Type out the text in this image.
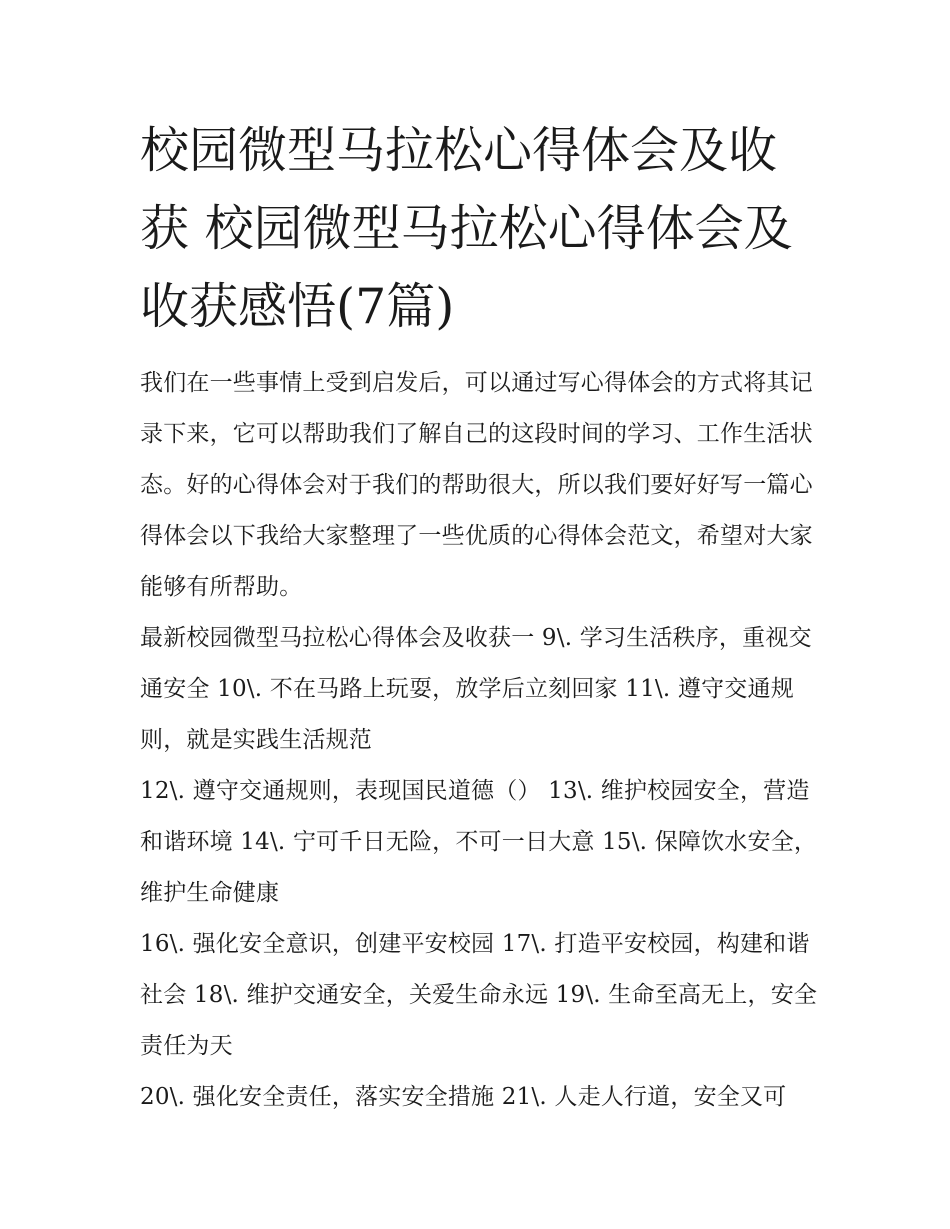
校园微型马拉松心得体会及收获 校园微型马拉松心得体会及收获感悟(7篇)

我们在一些事情上受到启发后，可以通过写心得体会的方式将其记录下来，它可以帮助我们了解自己的这段时间的学习、工作生活状态。好的心得体会对于我们的帮助很大，所以我们要好好写一篇心得体会以下我给大家整理了一些优质的心得体会范文，希望对大家能够有所帮助。

最新校园微型马拉松心得体会及收获一 9\. 学习生活秩序，重视交通安全 10\. 不在马路上玩耍，放学后立刻回家 11\. 遵守交通规则，就是实践生活规范

12\. 遵守交通规则，表现国民道德（） 13\. 维护校园安全，营造和谐环境 14\. 宁可千日无险，不可一日大意 15\. 保障饮水安全，维护生命健康

16\. 强化安全意识，创建平安校园 17\. 打造平安校园，构建和谐社会 18\. 维护交通安全，关爱生命永远 19\. 生命至高无上，安全责任为天

20\. 强化安全责任，落实安全措施 21\. 人走人行道，安全又可
